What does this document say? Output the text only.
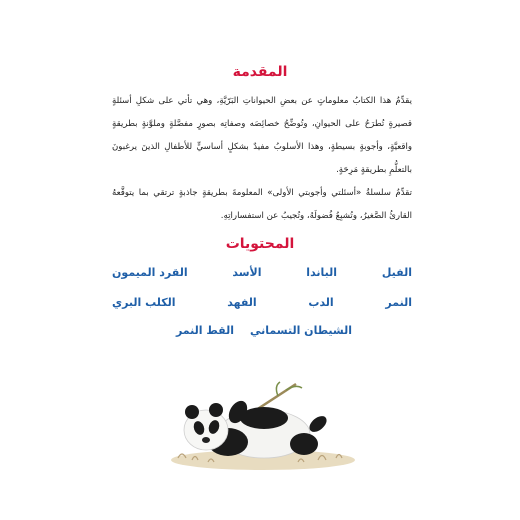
المقدمة

يقدِّمُ هذا الكتابُ معلوماتٍ عن بعضِ الحيواناتِ البَرّيَّةِ، وهي تأتي على شكلِ أسئلةٍ قصيرةٍ تُطرَحُ على الحيوانِ، وتُوضِّحُ خصائِصَه وصفاتِه بصورٍ مفصَّلةٍ وملوَّنةٍ بطريقةٍ واقعيَّةٍ، وأجوبةٍ بسيطةٍ، وهذا الأسلوبُ مفيدٌ بشكلٍ أساسيٍّ للأطفالِ الذينَ يرغبونَ بالتعلُّمِ بطريقةٍ مَرِحَةٍ.

تقدِّمُ سلسلةُ «أسئلتي وأجوبتي الأولى» المعلومةَ بطريقةٍ جاذبةٍ ترتقي بما يتوقَّعهُ القارئُ الصَّغيرُ، وتُشبِعُ فُضولَهُ، وتُجيبُ عن استفساراتِهِ.

المحتويات
الفيل
الباندا
الأسد
القرد الميمون
النمر
الدب
الفهد
الكلب البري
الشيطان التسماني
القط النمر
